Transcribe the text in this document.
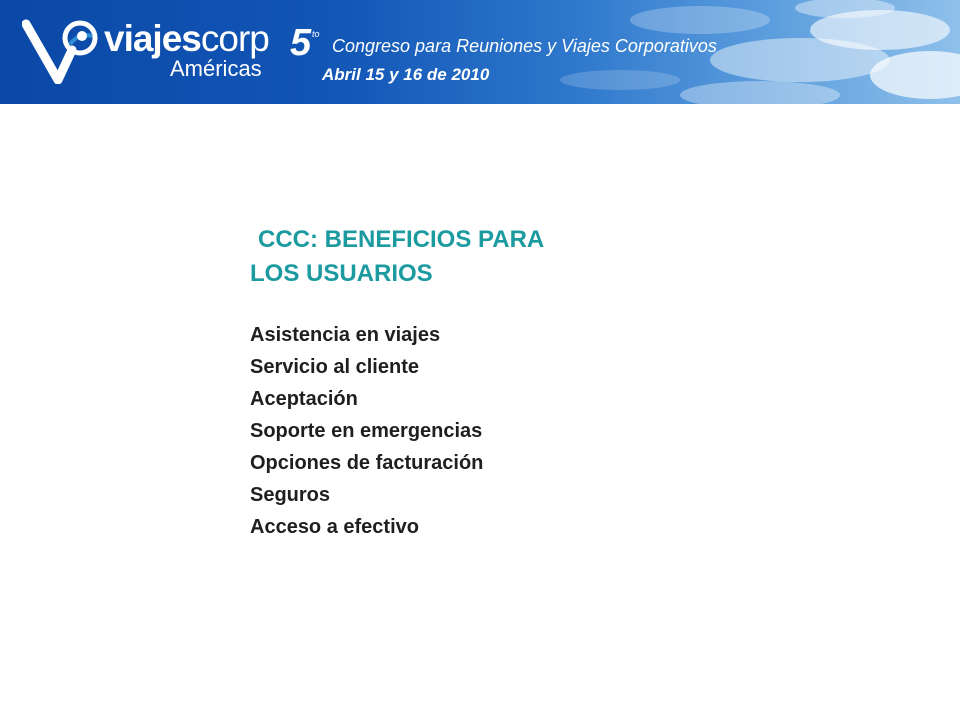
viajescorp
Américas
5 to
Congreso para Reuniones y Viajes Corporativos
Abril 15 y 16 de 2010
CCC: BENEFICIOS PARA
LOS USUARIOS
Asistencia en viajes
Servicio al cliente
Aceptación
Soporte en emergencias
Opciones de facturación
Seguros
Acceso a efectivo
